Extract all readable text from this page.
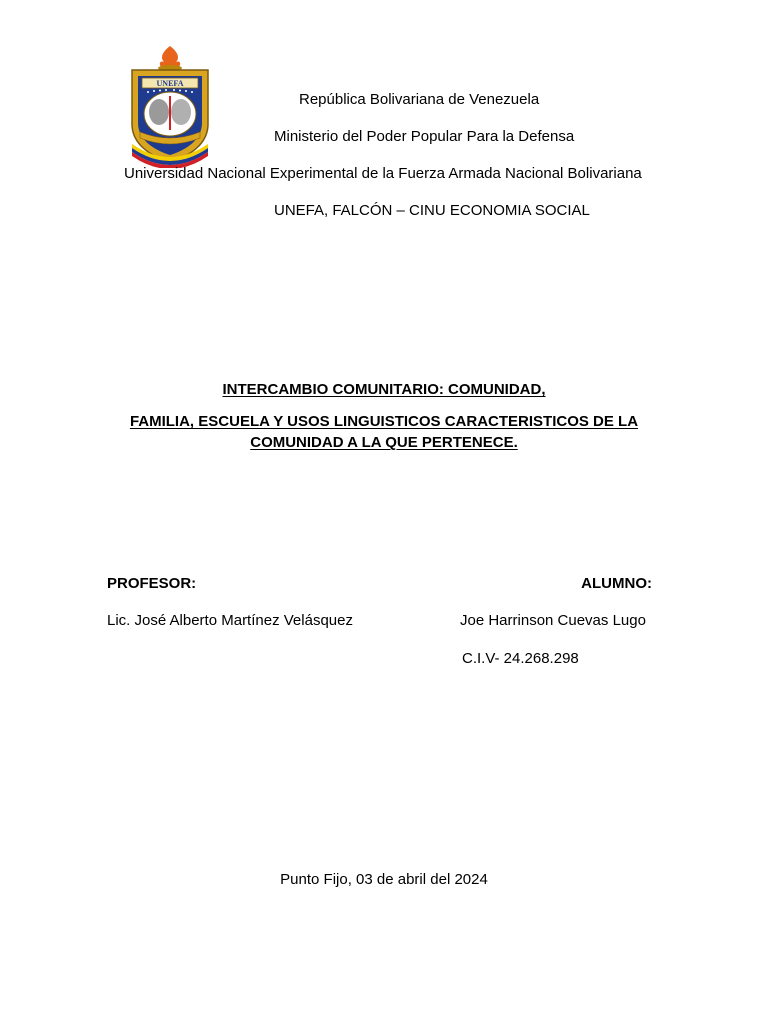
UNEFA
República Bolivariana de Venezuela
Ministerio del Poder Popular Para la Defensa
Universidad Nacional Experimental de la Fuerza Armada Nacional Bolivariana
UNEFA, FALCÓN – CINU ECONOMIA SOCIAL
INTERCAMBIO COMUNITARIO: COMUNIDAD,
FAMILIA, ESCUELA Y USOS LINGUISTICOS CARACTERISTICOS DE LA
COMUNIDAD A LA QUE PERTENECE.
PROFESOR:
Lic. José Alberto Martínez Velásquez
ALUMNO:
Joe Harrinson Cuevas Lugo
C.I.V- 24.268.298
Punto Fijo, 03 de abril del 2024
